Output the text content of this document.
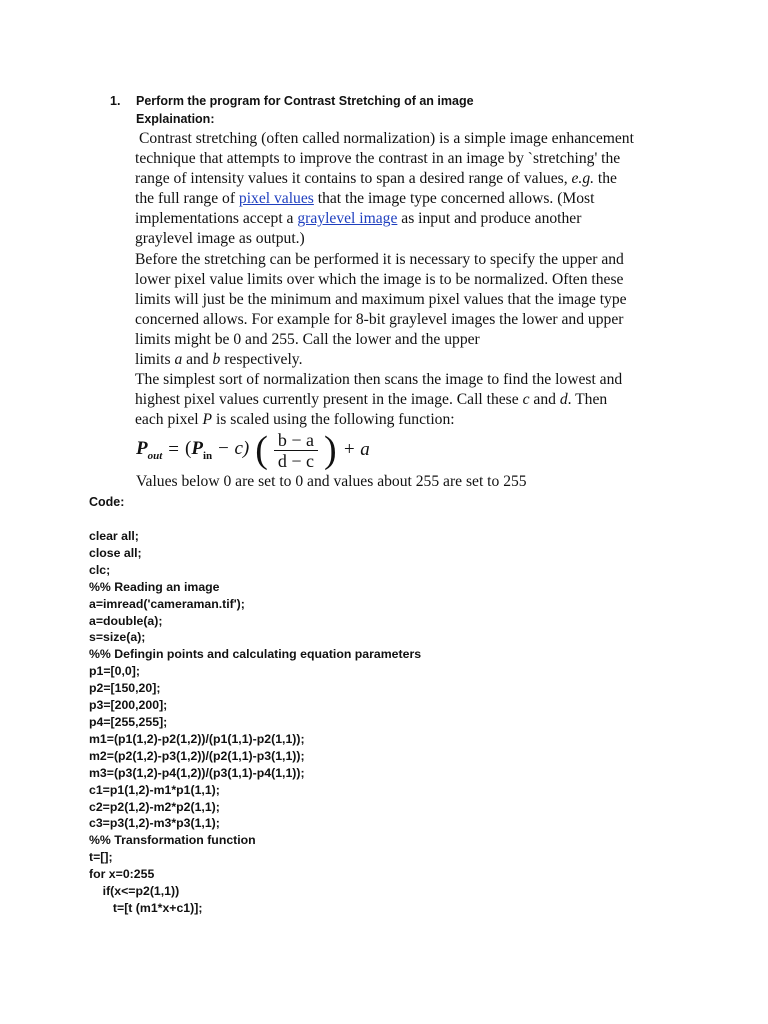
1. Perform the program for Contrast Stretching of an image
Explaination:

Contrast stretching (often called normalization) is a simple image enhancement

technique that attempts to improve the contrast in an image by `stretching' the

range of intensity values it contains to span a desired range of values, e.g. the

the full range of pixel values that the image type concerned allows. (Most

implementations accept a graylevel image as input and produce another

graylevel image as output.)

Before the stretching can be performed it is necessary to specify the upper and

lower pixel value limits over which the image is to be normalized. Often these

limits will just be the minimum and maximum pixel values that the image type

concerned allows. For example for 8-bit graylevel images the lower and upper

limits might be 0 and 255. Call the lower and the upper

limits a and b respectively.

The simplest sort of normalization then scans the image to find the lowest and

highest pixel values currently present in the image. Call these c and d. Then

each pixel P is scaled using the following function:

$P_{out} = (P_{in} - c)$ ( $\frac{b - a}{d - c}$ ) + a
Values below 0 are set to 0 and values about 255 are set to 255
Code:
clear all;
close all;
clc;
%% Reading an image
a=imread('cameraman.tif');
a=double(a);
s=size(a);
%% Defingin points and calculating equation parameters
p1=[0,0];
p2=[150,20];
p3=[200,200];
p4=[255,255];
m1=(p1(1,2)-p2(1,2))/(p1(1,1)-p2(1,1));
m2=(p2(1,2)-p3(1,2))/(p2(1,1)-p3(1,1));
m3=(p3(1,2)-p4(1,2))/(p3(1,1)-p4(1,1));
c1=p1(1,2)-m1*p1(1,1);
c2=p2(1,2)-m2*p2(1,1);
c3=p3(1,2)-m3*p3(1,1);
%% Transformation function
t=[];
for x=0:255
if(x<=p2(1,1))
t=[t (m1*x+c1)];
